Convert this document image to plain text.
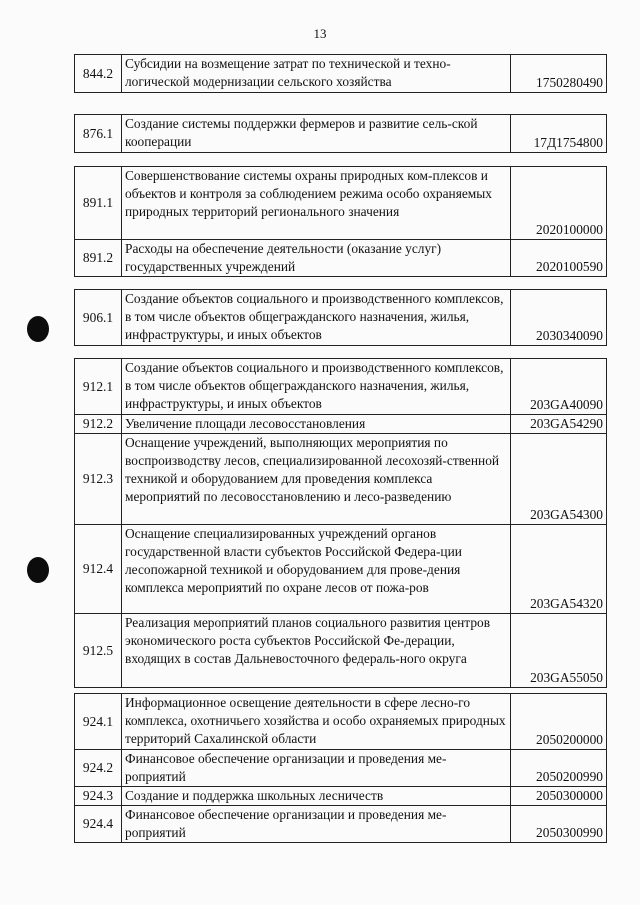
13
844.2	Субсидии на возмещение затрат по технической и техно-логической модернизации сельского хозяйства	1750280490
876.1	Создание системы поддержки фермеров и развитие сель-ской кооперации	17Д1754800
891.1	Совершенствование системы охраны природных ком-плексов и объектов и контроля за соблюдением режима особо охраняемых природных территорий регионального значения	2020100000
891.2	Расходы на обеспечение деятельности (оказание услуг) государственных учреждений	2020100590
906.1	Создание объектов социального и производственного комплексов, в том числе объектов общегражданского назначения, жилья, инфраструктуры, и иных объектов	2030340090
912.1	Создание объектов социального и производственного комплексов, в том числе объектов общегражданского назначения, жилья, инфраструктуры, и иных объектов	203GA40090
912.2	Увеличение площади лесовосстановления	203GA54290
912.3	Оснащение учреждений, выполняющих мероприятия по воспроизводству лесов, специализированной лесохозяй-ственной техникой и оборудованием для проведения комплекса мероприятий по лесовосстановлению и лесо-разведению	203GA54300
912.4	Оснащение специализированных учреждений органов государственной власти субъектов Российской Федера-ции лесопожарной техникой и оборудованием для прове-дения комплекса мероприятий по охране лесов от пожа-ров	203GA54320
912.5	Реализация мероприятий планов социального развития центров экономического роста субъектов Российской Фе-дерации, входящих в состав Дальневосточного федераль-ного округа	203GA55050
924.1	Информационное освещение деятельности в сфере лесно-го комплекса, охотничьего хозяйства и особо охраняемых природных территорий Сахалинской области	2050200000
924.2	Финансовое обеспечение организации и проведения ме-роприятий	2050200990
924.3	Создание и поддержка школьных лесничеств	2050300000
924.4	Финансовое обеспечение организации и проведения ме-роприятий	2050300990
